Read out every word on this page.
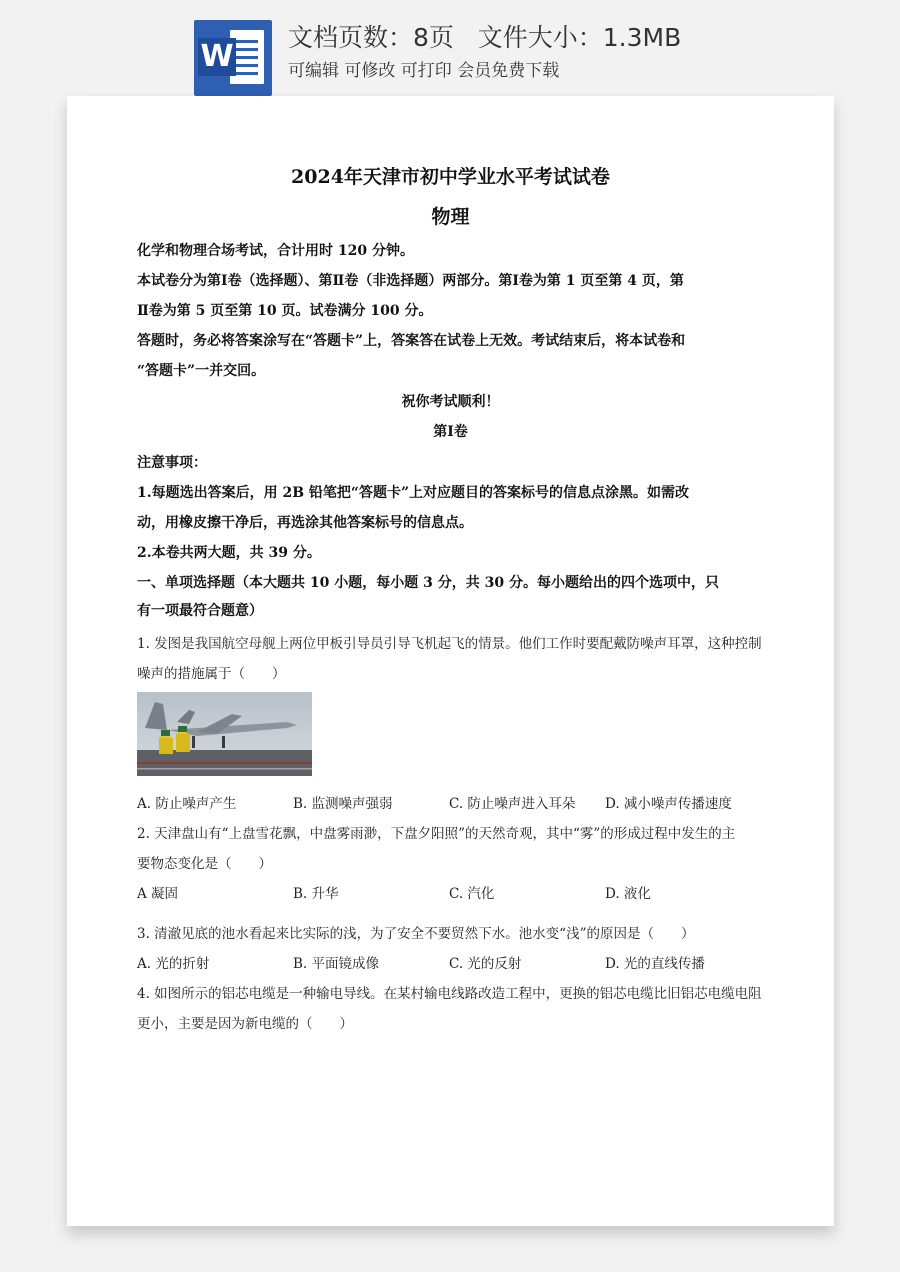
W
文档页数：8页   文件大小：1.3MB
可编辑 可修改 可打印 会员免费下载
2024年天津市初中学业水平考试试卷
物理
化学和物理合场考试，合计用时 120 分钟。
本试卷分为第Ⅰ卷（选择题）、第Ⅱ卷（非选择题）两部分。第Ⅰ卷为第 1 页至第 4 页，第
Ⅱ卷为第 5 页至第 10 页。试卷满分 100 分。
答题时，务必将答案涂写在“答题卡”上，答案答在试卷上无效。考试结束后，将本试卷和
“答题卡”一并交回。
祝你考试顺利！
第Ⅰ卷
注意事项：
1.每题选出答案后，用 2B 铅笔把“答题卡”上对应题目的答案标号的信息点涂黑。如需改
动，用橡皮擦干净后，再选涂其他答案标号的信息点。
2.本卷共两大题，共 39 分。
一、单项选择题（本大题共 10 小题，每小题 3 分，共 30 分。每小题给出的四个选项中，只
有一项最符合题意）
1. 发图是我国航空母舰上两位甲板引导员引导飞机起飞的情景。他们工作时要配戴防噪声耳罩，这种控制
噪声的措施属于（　　）
A. 防止噪声产生	B. 监测噪声强弱	C. 防止噪声进入耳朵 D. 减小噪声传播速度
2. 天津盘山有“上盘雪花飘，中盘雾雨渺，下盘夕阳照”的天然奇观，其中“雾”的形成过程中发生的主
要物态变化是（　　）
A 凝固	B. 升华	C. 汽化	D. 液化
3. 清澈见底的池水看起来比实际的浅，为了安全不要贸然下水。池水变“浅”的原因是（　　）
A. 光的折射	B. 平面镜成像	C. 光的反射	D. 光的直线传播
4. 如图所示的铝芯电缆是一种输电导线。在某村输电线路改造工程中，更换的铝芯电缆比旧铝芯电缆电阻
更小，主要是因为新电缆的（　　）
